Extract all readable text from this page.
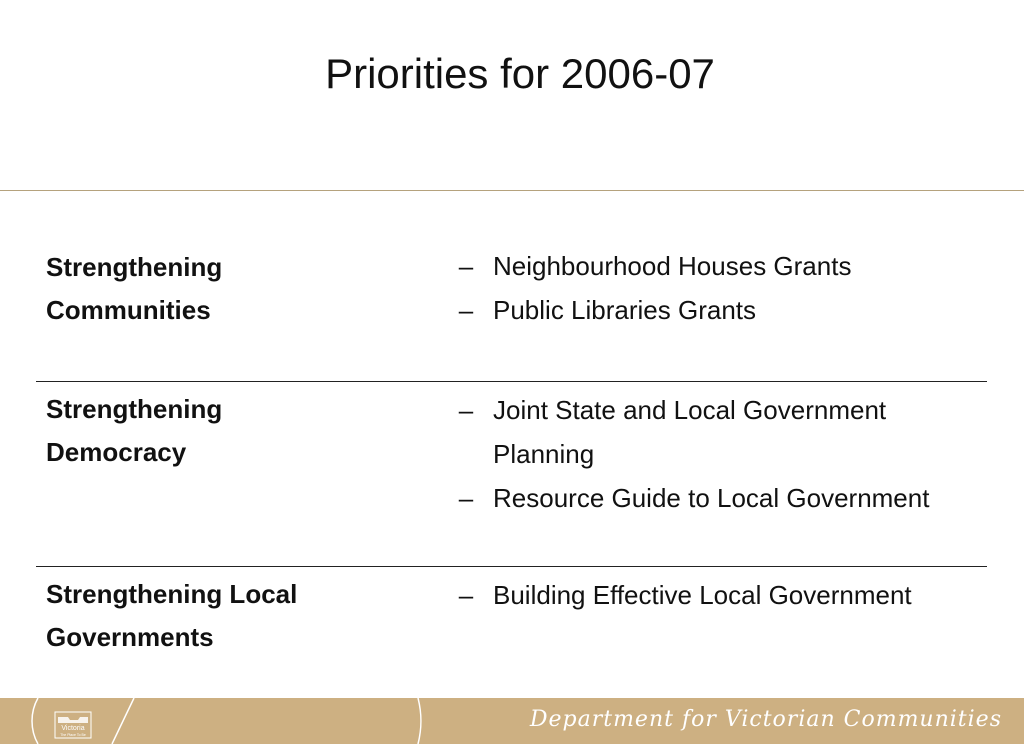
Priorities for 2006-07
Strengthening
Communities
– Neighbourhood Houses Grants
– Public Libraries Grants
Strengthening
Democracy
– Joint State and Local Government Planning
– Resource Guide to Local Government
Strengthening Local
Governments
– Building Effective Local Government
Victoria
The Place To Be
Department for Victorian Communities
